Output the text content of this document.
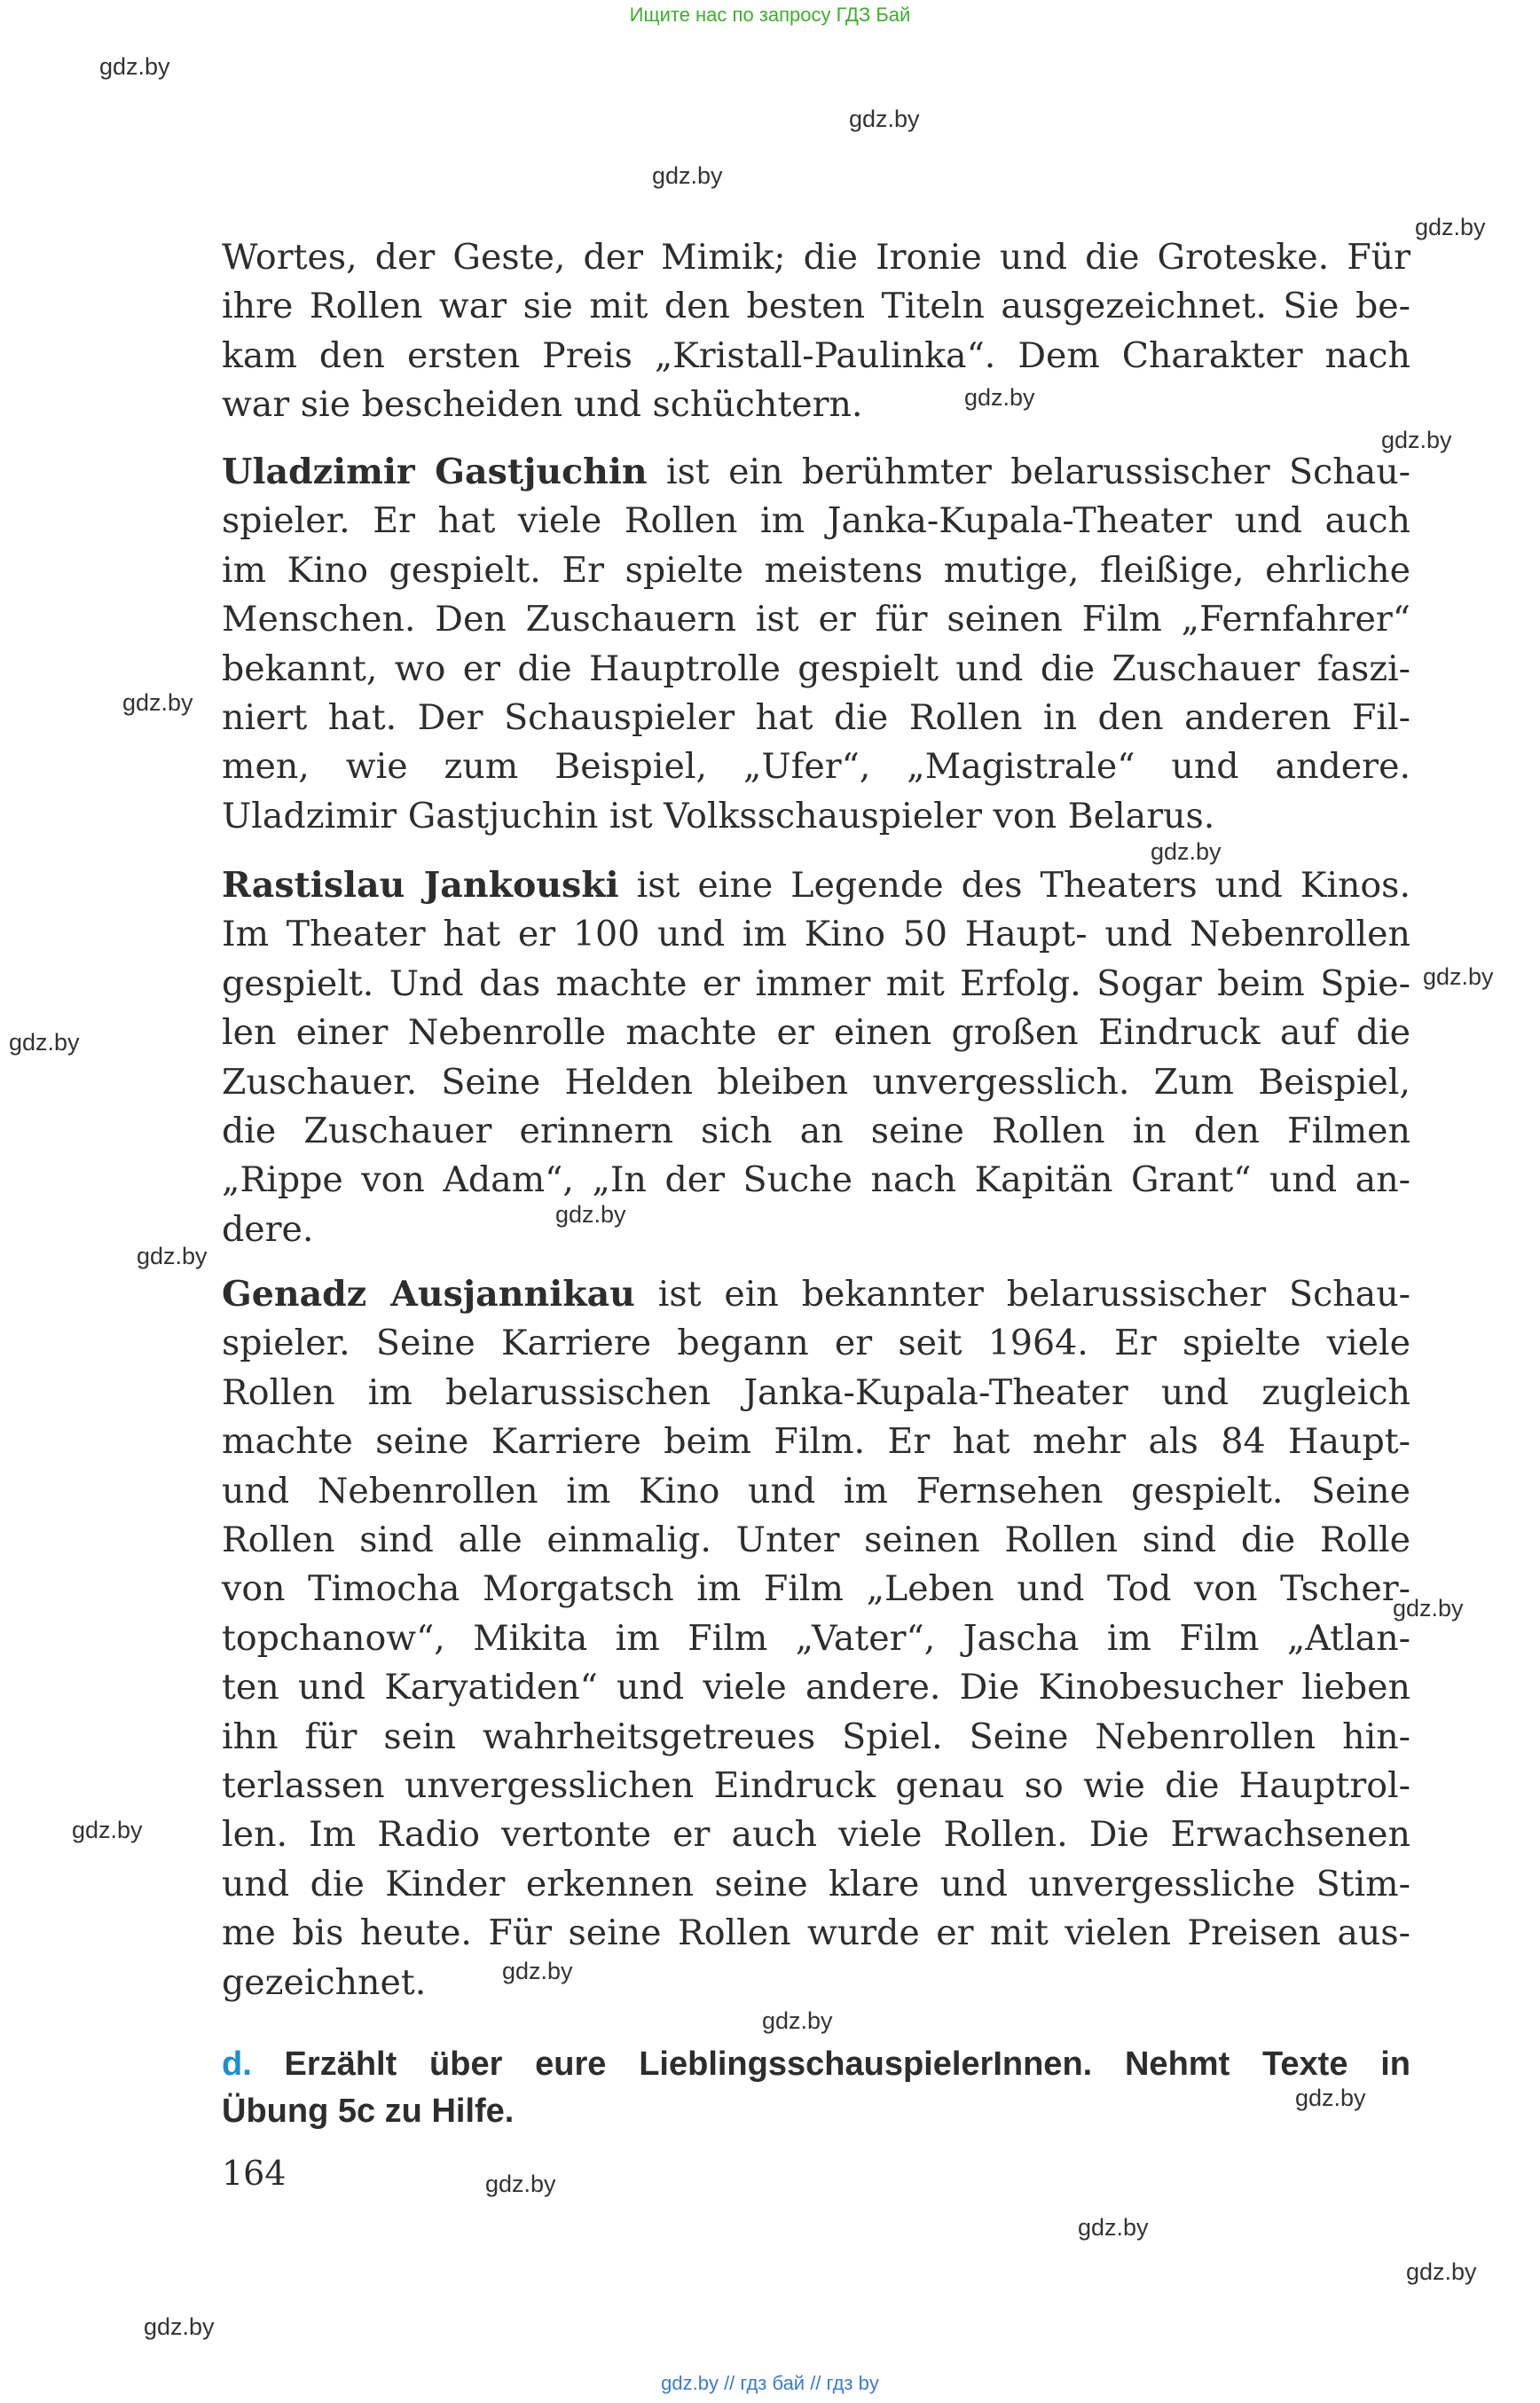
Ищите нас по запросу ГДЗ Бай
Wortes, der Geste, der Mimik; die Ironie und die Groteske. Für
ihre Rollen war sie mit den besten Titeln ausgezeichnet. Sie be-
kam den ersten Preis „Kristall-Paulinka“. Dem Charakter nach
war sie bescheiden und schüchtern.
Uladzimir Gastjuchin ist ein berühmter belarussischer Schau-
spieler. Er hat viele Rollen im Janka-Kupala-Theater und auch
im Kino gespielt. Er spielte meistens mutige, fleißige, ehrliche
Menschen. Den Zuschauern ist er für seinen Film „Fernfahrer“
bekannt, wo er die Hauptrolle gespielt und die Zuschauer faszi-
niert hat. Der Schauspieler hat die Rollen in den anderen Fil-
men, wie zum Beispiel, „Ufer“, „Magistrale“ und andere.
Uladzimir Gastjuchin ist Volksschauspieler von Belarus.
Rastislau Jankouski ist eine Legende des Theaters und Kinos.
Im Theater hat er 100 und im Kino 50 Haupt- und Nebenrollen
gespielt. Und das machte er immer mit Erfolg. Sogar beim Spie-
len einer Nebenrolle machte er einen großen Eindruck auf die
Zuschauer. Seine Helden bleiben unvergesslich. Zum Beispiel,
die Zuschauer erinnern sich an seine Rollen in den Filmen
„Rippe von Adam“, „In der Suche nach Kapitän Grant“ und an-
dere.
Genadz Ausjannikau ist ein bekannter belarussischer Schau-
spieler. Seine Karriere begann er seit 1964. Er spielte viele
Rollen im belarussischen Janka-Kupala-Theater und zugleich
machte seine Karriere beim Film. Er hat mehr als 84 Haupt-
und Nebenrollen im Kino und im Fernsehen gespielt. Seine
Rollen sind alle einmalig. Unter seinen Rollen sind die Rolle
von Timocha Morgatsch im Film „Leben und Tod von Tscher-
topchanow“, Mikita im Film „Vater“, Jascha im Film „Atlan-
ten und Karyatiden“ und viele andere. Die Kinobesucher lieben
ihn für sein wahrheitsgetreues Spiel. Seine Nebenrollen hin-
terlassen unvergesslichen Eindruck genau so wie die Hauptrol-
len. Im Radio vertonte er auch viele Rollen. Die Erwachsenen
und die Kinder erkennen seine klare und unvergessliche Stim-
me bis heute. Für seine Rollen wurde er mit vielen Preisen aus-
gezeichnet.
d. Erzählt über eure LieblingsschauspielerInnen. Nehmt Texte in
Übung 5c zu Hilfe.
164
gdz.by
gdz.by
gdz.by
gdz.by
gdz.by
gdz.by
gdz.by
gdz.by
gdz.by
gdz.by
gdz.by
gdz.by
gdz.by
gdz.by
gdz.by
gdz.by
gdz.by
gdz.by
gdz.by
gdz.by
gdz.by
gdz.by // гдз бай // гдз by
